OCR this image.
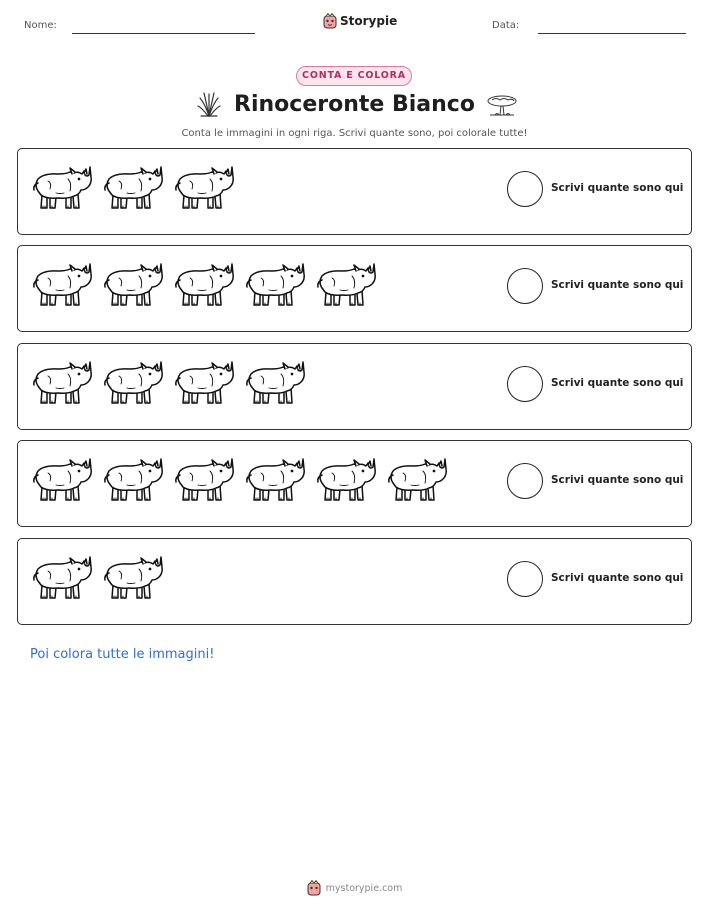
Nome:	Storypie	Data:
CONTA E COLORA
Rinoceronte Bianco
Conta le immagini in ogni riga. Scrivi quante sono, poi colorale tutte!
Scrivi quante sono qui
Scrivi quante sono qui
Scrivi quante sono qui
Scrivi quante sono qui
Scrivi quante sono qui
Poi colora tutte le immagini!
mystorypie.com
